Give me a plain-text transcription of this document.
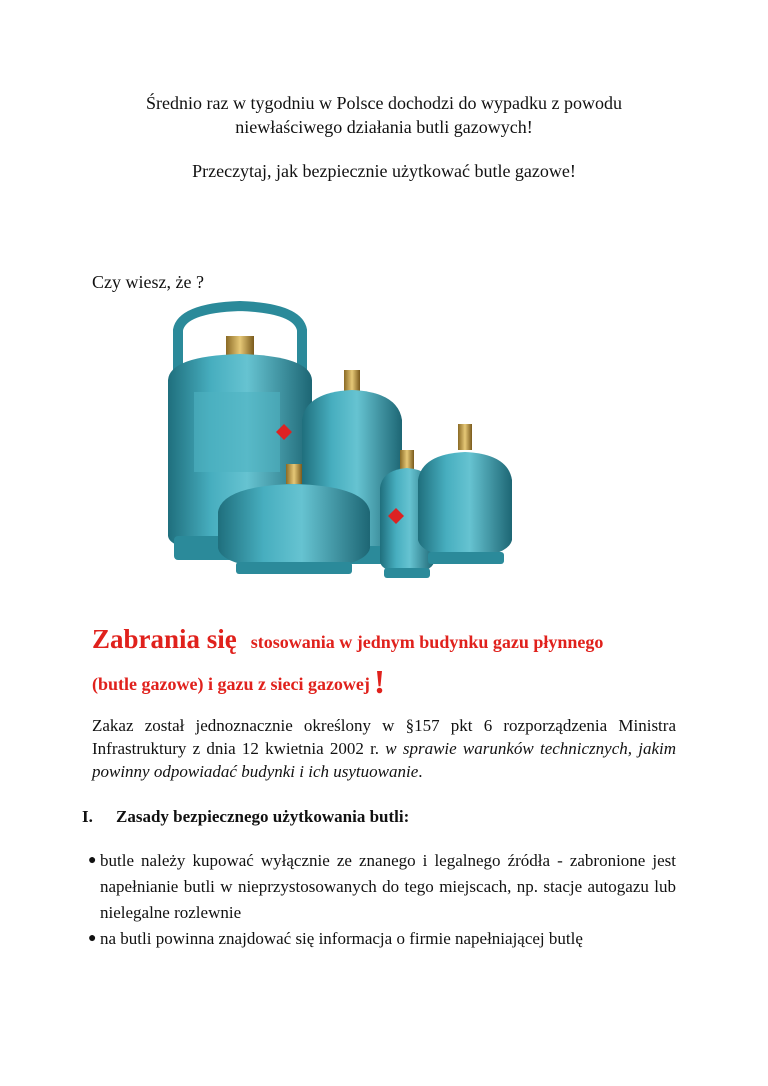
Średnio raz w tygodniu w Polsce dochodzi do wypadku z powodu
niewłaściwego działania butli gazowych!
Przeczytaj, jak bezpiecznie użytkować butle gazowe!
Czy wiesz, że ?
Zabrania się stosowania w jednym budynku gazu płynnego
(butle gazowe) i gazu z sieci gazowej !
Zakaz został jednoznacznie określony w §157 pkt 6 rozporządzenia Ministra Infrastruktury z dnia 12 kwietnia 2002 r. w sprawie warunków technicznych, jakim powinny odpowiadać budynki i ich usytuowanie.
I. Zasady bezpiecznego użytkowania butli:
● butle należy kupować wyłącznie ze znanego i legalnego źródła - zabronione jest napełnianie butli w nieprzystosowanych do tego miejscach, np. stacje autogazu lub nielegalne rozlewnie
● na butli powinna znajdować się informacja o firmie napełniającej butlę
